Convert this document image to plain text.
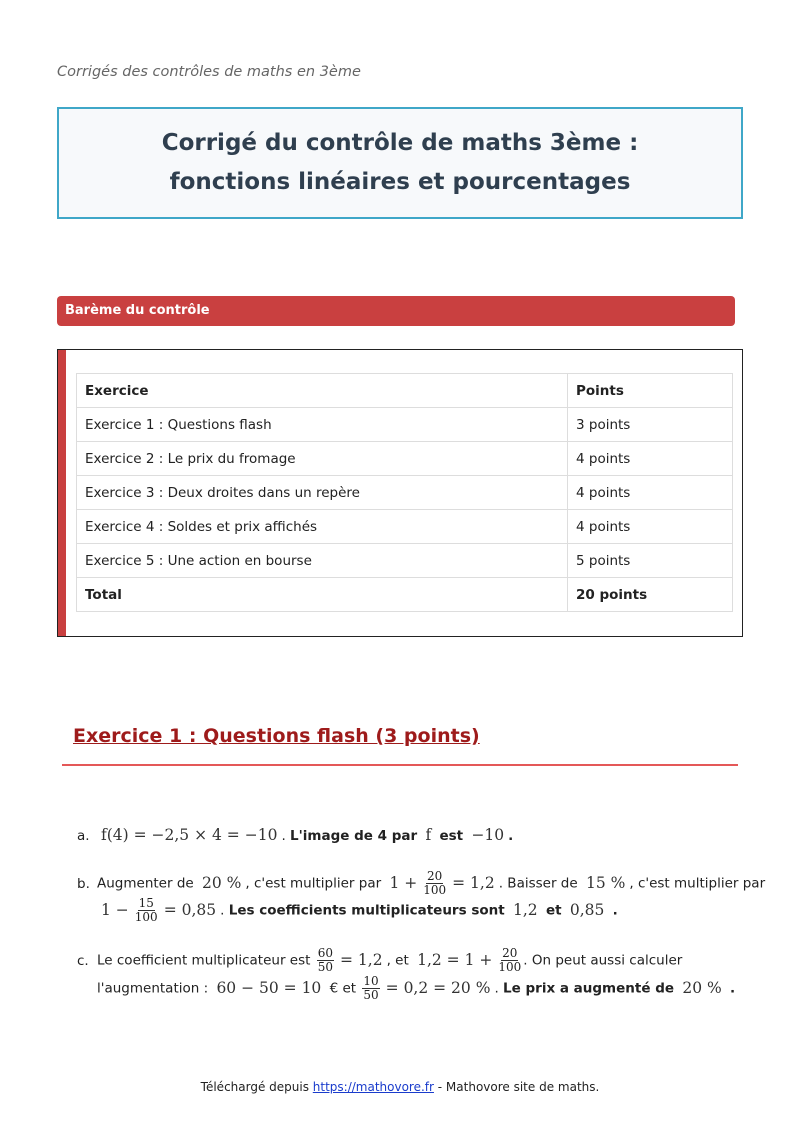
Corrigés des contrôles de maths en 3ème
Corrigé du contrôle de maths 3ème : fonctions linéaires et pourcentages
Barème du contrôle
Exercice	Points
Exercice 1 : Questions flash	3 points
Exercice 2 : Le prix du fromage	4 points
Exercice 3 : Deux droites dans un repère	4 points
Exercice 4 : Soldes et prix affichés	4 points
Exercice 5 : Une action en bourse	5 points
Total	20 points
Exercice 1 : Questions flash (3 points)
a. f(4) = −2,5 × 4 = −10 . L'image de 4 par f est −10 .
b. Augmenter de 20 % , c'est multiplier par $1 + \frac{20}{100} = 1,2$ . Baisser de 15 % , c'est multiplier par
$1 - \frac{15}{100} = 0,85$ . Les coefficients multiplicateurs sont 1,2 et 0,85 .
c. Le coefficient multiplicateur est $\frac{60}{50} = 1,2$ , et $1,2 = 1 + \frac{20}{100}$ . On peut aussi calculer
l'augmentation : 60 − 50 = 10 € et $\frac{10}{50} = 0,2 = 20$ % . Le prix a augmenté de 20 % .
Téléchargé depuis https://mathovore.fr - Mathovore site de maths.
